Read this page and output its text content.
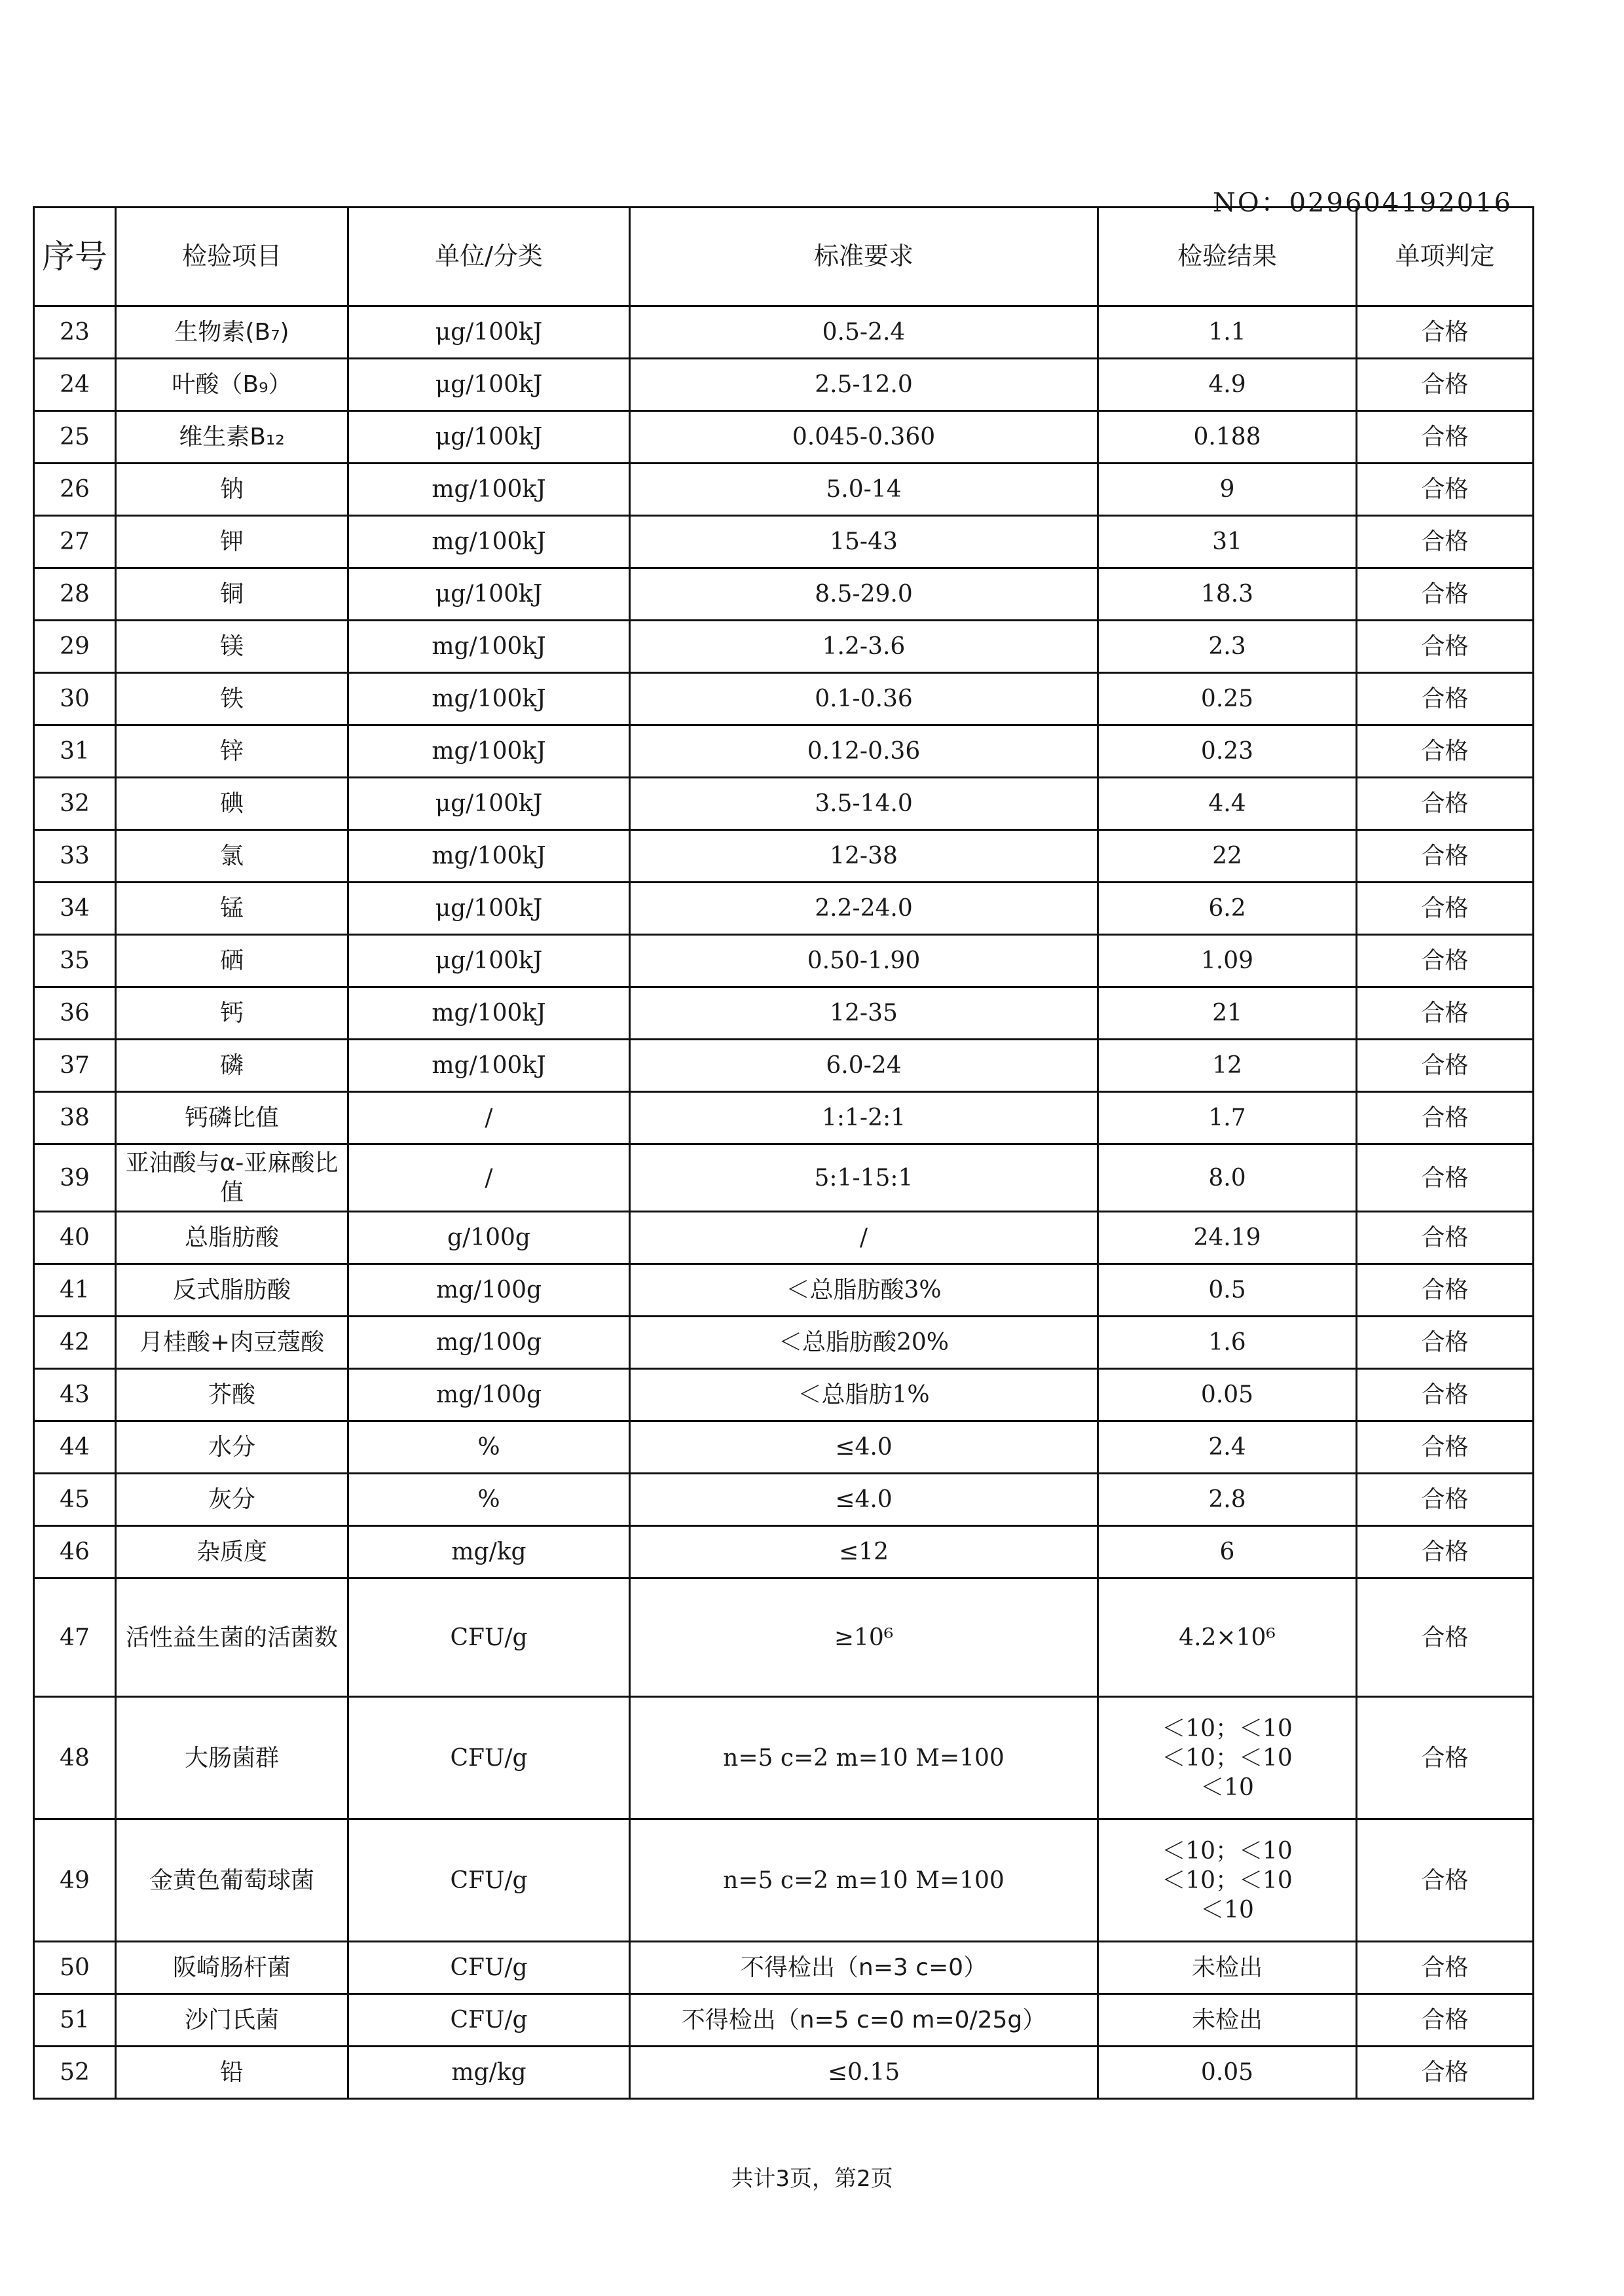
NO：029604192016
序号	检验项目	单位/分类	标准要求	检验结果	单项判定
23	生物素(B₇)	μg/100kJ	0.5-2.4	1.1	合格
24	叶酸（B₉）	μg/100kJ	2.5-12.0	4.9	合格
25	维生素B₁₂	μg/100kJ	0.045-0.360	0.188	合格
26	钠	mg/100kJ	5.0-14	9	合格
27	钾	mg/100kJ	15-43	31	合格
28	铜	μg/100kJ	8.5-29.0	18.3	合格
29	镁	mg/100kJ	1.2-3.6	2.3	合格
30	铁	mg/100kJ	0.1-0.36	0.25	合格
31	锌	mg/100kJ	0.12-0.36	0.23	合格
32	碘	μg/100kJ	3.5-14.0	4.4	合格
33	氯	mg/100kJ	12-38	22	合格
34	锰	μg/100kJ	2.2-24.0	6.2	合格
35	硒	μg/100kJ	0.50-1.90	1.09	合格
36	钙	mg/100kJ	12-35	21	合格
37	磷	mg/100kJ	6.0-24	12	合格
38	钙磷比值	/	1:1-2:1	1.7	合格
39	亚油酸与α-亚麻酸比值	/	5:1-15:1	8.0	合格
40	总脂肪酸	g/100g	/	24.19	合格
41	反式脂肪酸	mg/100g	＜总脂肪酸3%	0.5	合格
42	月桂酸+肉豆蔻酸	mg/100g	＜总脂肪酸20%	1.6	合格
43	芥酸	mg/100g	＜总脂肪1%	0.05	合格
44	水分	%	≤4.0	2.4	合格
45	灰分	%	≤4.0	2.8	合格
46	杂质度	mg/kg	≤12	6	合格
47	活性益生菌的活菌数	CFU/g	≥10⁶	4.2×10⁶	合格
48	大肠菌群	CFU/g	n=5 c=2 m=10 M=100	＜10；＜10
＜10；＜10
＜10	合格
49	金黄色葡萄球菌	CFU/g	n=5 c=2 m=10 M=100	＜10；＜10
＜10；＜10
＜10	合格
50	阪崎肠杆菌	CFU/g	不得检出（n=3 c=0）	未检出	合格
51	沙门氏菌	CFU/g	不得检出（n=5 c=0 m=0/25g）	未检出	合格
52	铅	mg/kg	≤0.15	0.05	合格
共计3页，第2页
